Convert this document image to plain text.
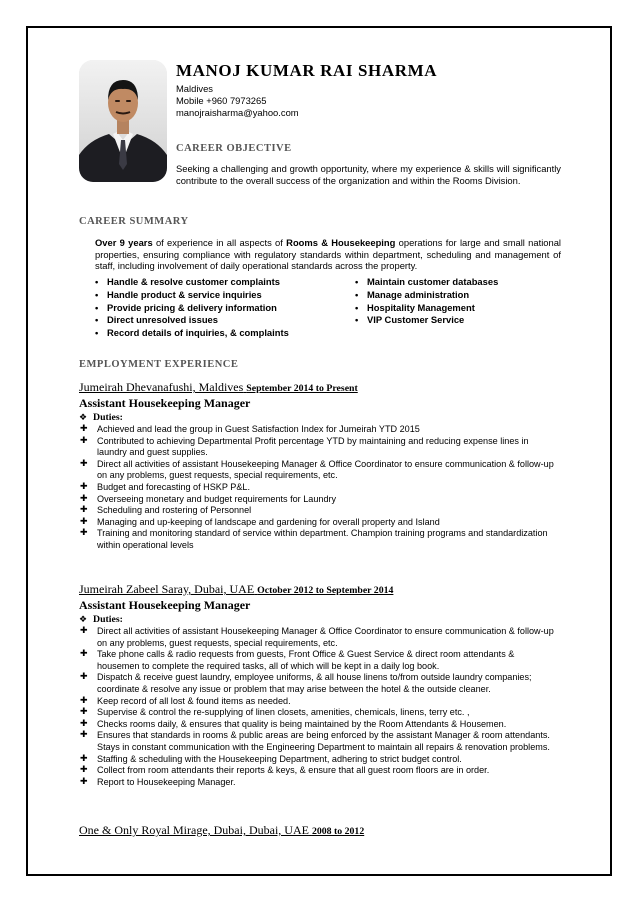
MANOJ KUMAR RAI SHARMA
Maldives
Mobile +960 7973265
manojraisharma@yahoo.com
CAREER OBJECTIVE

Seeking a challenging and growth opportunity, where my experience & skills will significantly contribute to the overall success of the organization and within the Rooms Division.

CAREER SUMMARY

Over 9 years of experience in all aspects of Rooms & Housekeeping operations for large and small national properties, ensuring compliance with regulatory standards within department, scheduling and management of staff, including involvement of daily operational standards across the property.

• Handle & resolve customer complaints
• Handle product & service inquiries
• Provide pricing & delivery information
• Direct unresolved issues
• Record details of inquiries, & complaints
• Maintain customer databases
• Manage administration
• Hospitality Management
• VIP Customer Service
EMPLOYMENT EXPERIENCE
Jumeirah Dhevanafushi, Maldives September 2014 to Present
Assistant Housekeeping Manager
❖ Duties:
✚ Achieved and lead the group in Guest Satisfaction Index for Jumeirah YTD 2015
✚ Contributed to achieving Departmental Profit percentage YTD by maintaining and reducing expense lines in laundry and guest supplies.
✚ Direct all activities of assistant Housekeeping Manager & Office Coordinator to ensure communication & follow-up on any problems, guest requests, special requirements, etc.
✚ Budget and forecasting of HSKP P&L.
✚ Overseeing monetary and budget requirements for Laundry
✚ Scheduling and rostering of Personnel
✚ Managing and up-keeping of landscape and gardening for overall property and Island
✚ Training and monitoring standard of service within department. Champion training programs and standardization within operational levels
Jumeirah Zabeel Saray, Dubai, UAE October 2012 to September 2014
Assistant Housekeeping Manager
❖ Duties:
✚ Direct all activities of assistant Housekeeping Manager & Office Coordinator to ensure communication & follow-up on any problems, guest requests, special requirements, etc.
✚ Take phone calls & radio requests from guests, Front Office & Guest Service & direct room attendants & housemen to complete the required tasks, all of which will be kept in a daily log book.
✚ Dispatch & receive guest laundry, employee uniforms, & all house linens to/from outside laundry companies; coordinate & resolve any issue or problem that may arise between the hotel & the outside cleaner.
✚ Keep record of all lost & found items as needed.
✚ Supervise & control the re-supplying of linen closets, amenities, chemicals, linens, terry etc. ,
✚ Checks rooms daily, & ensures that quality is being maintained by the Room Attendants & Housemen.
✚ Ensures that standards in rooms & public areas are being enforced by the assistant Manager & room attendants. Stays in constant communication with the Engineering Department to maintain all repairs & renovation problems.
✚ Staffing & scheduling with the Housekeeping Department, adhering to strict budget control.
✚ Collect from room attendants their reports & keys, & ensure that all guest room floors are in order.
✚ Report to Housekeeping Manager.
One & Only Royal Mirage, Dubai, Dubai, UAE 2008 to 2012
